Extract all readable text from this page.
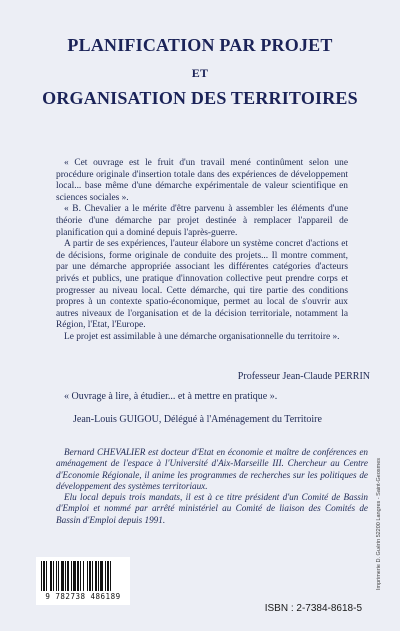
PLANIFICATION PAR PROJET
ET
ORGANISATION DES TERRITOIRES

« Cet ouvrage est le fruit d'un travail mené continûment selon une procédure originale d'insertion totale dans des expériences de développement local... base même d'une démarche expérimentale de valeur scientifique en sciences sociales ».

« B. Chevalier a le mérite d'être parvenu à assembler les éléments d'une théorie d'une démarche par projet destinée à remplacer l'appareil de planification qui a dominé depuis l'après-guerre.

A partir de ses expériences, l'auteur élabore un système concret d'actions et de décisions, forme originale de conduite des projets... Il montre comment, par une démarche appropriée associant les différentes catégories d'acteurs privés et publics, une pratique d'innovation collective peut prendre corps et progresser au niveau local. Cette démarche, qui tire partie des conditions propres à un contexte spatio-économique, permet au local de s'ouvrir aux autres niveaux de l'organisation et de la décision territoriale, notamment la Région, l'Etat, l'Europe.

Le projet est assimilable à une démarche organisationnelle du territoire ».

Professeur Jean-Claude PERRIN
« Ouvrage à lire, à étudier... et à mettre en pratique ».
Jean-Louis GUIGOU, Délégué à l'Aménagement du Territoire

Bernard CHEVALIER est docteur d'Etat en économie et maître de conférences en aménagement de l'espace à l'Université d'Aix-Marseille III. Chercheur au Centre d'Economie Régionale, il anime les programmes de recherches sur les politiques de développement des systèmes territoriaux.

Elu local depuis trois mandats, il est à ce titre président d'un Comité de Bassin d'Emploi et nommé par arrêté ministériel au Comité de liaison des Comités de Bassin d'Emploi depuis 1991.	Imprimerie D. Guérin 52200 Langres - Saint-Geosmes
9 782738 486189
ISBN : 2-7384-8618-5
